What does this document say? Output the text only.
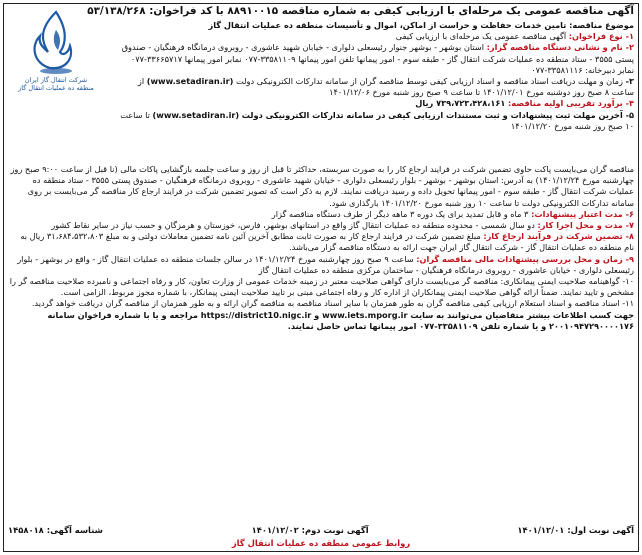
شرکت انتقال گاز ایران
منطقه ده عملیات انتقال گاز
آگهی مناقصه عمومی یک مرحله‌ای با ارزیابی کیفی به شماره مناقصه ۸۸۹۱۰۰۱۵ با کد فراخوان: ۵۳/۱۳۸/۲۶۸

موضوع مناقصه: تامین خدمات حفاظت و حراست از اماکن، اموال و تأسیسات منطقه ده عملیات انتقال گاز

۱- نوع فراخوان: آگهی مناقصه عمومی یک مرحله‌ای با ارزیابی کیفی

۲- نام و نشانی دستگاه مناقصه گزار: استان بوشهر - بوشهر جنوار رئیسعلی دلواری - خیابان شهید عاشوری - روبروی درمانگاه فرهنگیان - صندوق پستی ۳۵۵۵ - ستاد منطقه ده عملیات شرکت انتقال گاز - طبقه سوم - امور پیمانها تلفن امور پیمانها ۳۳۵۸۱۱۰۹-۰۷۷ نمابر امور پیمانها ۳۳۶۶۵۷۱۷-۰۷۷ نمابر دبیرخانه: ۳۳۵۸۱۱۱۶-۰۷۷

۳- زمان و مهلت دریافت اسناد مناقصه و اسناد ارزیابی کیفی توسط مناقصه گران از سامانه تدارکات الکترونیکی دولت (www.setadiran.ir) از ساعت ۸ صبح روز دوشنبه مورخ ۱۴۰۱/۱۲/۰۱ تا ساعت ۹ صبح روز شنبه مورخ ۱۴۰۱/۱۲/۰۶

۴- برآورد تقریبی اولیه مناقصه: ۷۳۹،۷۲۳،۴۲۸،۱۶۱ ریال

۵- آخرین مهلت ثبت پیشنهادات و ثبت مستندات ارزیابی کیفی در سامانه تدارکات الکترونیکی دولت (www.setadiran.ir) تا ساعت ۱۰ صبح روز شنبه مورخ ۱۴۰۱/۱۲/۲۰

مناقصه گران می‌بایست پاکت حاوی تضمین شرکت در فرایند ارجاع کار را به صورت سربسته، حداکثر تا قبل از روز و ساعت جلسه بازگشایی پاکات مالی (نا قبل از ساعت ۹:۰۰ صبح روز چهارشنبه مورخ ۱۴۰۱/۱۲/۲۴) به آدرس: استان بوشهر - بوشهر - بلوار رئیسعلی دلواری - خیابان شهید عاشوری - روبروی درمانگاه فرهنگیان - صندوق پستی ۳۵۵۵ - ستاد منطقه ده عملیات شرکت انتقال گاز - طبقه سوم - امور پیمانها تحویل داده و رسید دریافت نمایند. لازم به ذکر است که تصویر تضمین شرکت در فرایند ارجاع کار مناقصه گر می‌بایست بر روی سامانه تدارکات الکترونیکی دولت تا ساعت ۱۰ روز شنبه مورخ ۱۴۰۱/۱۲/۲۰ بارگذاری شود.

۶- مدت اعتبار پیشنهادات: ۳ ماه و قابل تمدید برای یک دوره ۳ ماهه دیگر از طرف دستگاه مناقصه گزار

۷- مدت و محل اجرا کار: دو سال شمسی - محدوده منطقه ده عملیات انتقال گاز واقع در استانهای بوشهر، فارس، خوزستان و هرمزگان و حسب نیاز در سایر نقاط کشور

۸- تضمین شرکت در فرآیند ارجاع کار: مبلغ تضمین شرکت در فرایند ارجاع کار به صورت ثابت مطابق آخرین آئین نامه تضمین معاملات دولتی و به مبلغ ۳۱،۶۸۴،۵۳۲،۸۰۳ ریال به نام منطقه ده عملیات انتقال گاز - شرکت انتقال گاز ایران جهت ارائه به دستگاه مناقصه گزار می‌باشد.

۹- زمان و محل بررسی پیشنهادات مالی مناقصه گران: ساعت ۹ صبح روز چهارشنبه مورخ ۱۴۰۱/۱۲/۲۴ در سالن جلسات منطقه ده عملیات انتقال گاز - واقع در بوشهر - بلوار رئیسعلی دلواری - خیابان عاشوری - روبروی درمانگاه فرهنگیان - ساختمان مرکزی منطقه ده عملیات انتقال گاز

۱۰- گواهینامه صلاحیت ایمنی پیمانکاری: مناقصه گر می‌بایست دارای گواهی صلاحیت معتبر در زمینه خدمات عمومی از وزارت تعاون، کار و رفاه اجتماعی و نامبرده صلاحیت مناقصه گر را مشخص و تایید نمایند. ضمناً ارائه گواهی صلاحیت ایمنی پیمانکاران از اداره کار و رفاه اجتماعی مبنی بر تایید صلاحیت ایمنی پیمانکار، با شماره مجوز مربوط، الزامی است.

۱۱- اسناد مناقصه و اسناد استعلام ارزیابی کیفی مناقصه گران به طور همزمان با سایر اسناد مناقصه به مناقصه گران ارائه و به طور همزمان از مناقصه گران دریافت خواهد گردید.

جهت کسب اطلاعات بیشتر متقاضیان می‌توانند به سایت www.iets.mporg.ir و https://district10.nigc.ir مراجعه و یا با شماره فراخوان سامانه ۲۰۰۱۰۹۴۷۲۹۰۰۰۰۱۷۶ و یا شماره تلفن ۳۳۵۸۱۱۰۹-۰۷۷ امور پیمانها تماس حاصل نمایند.

آگهی نوبت اول: ۱۴۰۱/۱۲/۰۱
آگهی نوبت دوم: ۱۴۰۱/۱۲/۰۲
شناسه آگهی: ۱۴۵۸۰۱۸
روابط عمومی منطقه ده عملیات انتقال گاز
